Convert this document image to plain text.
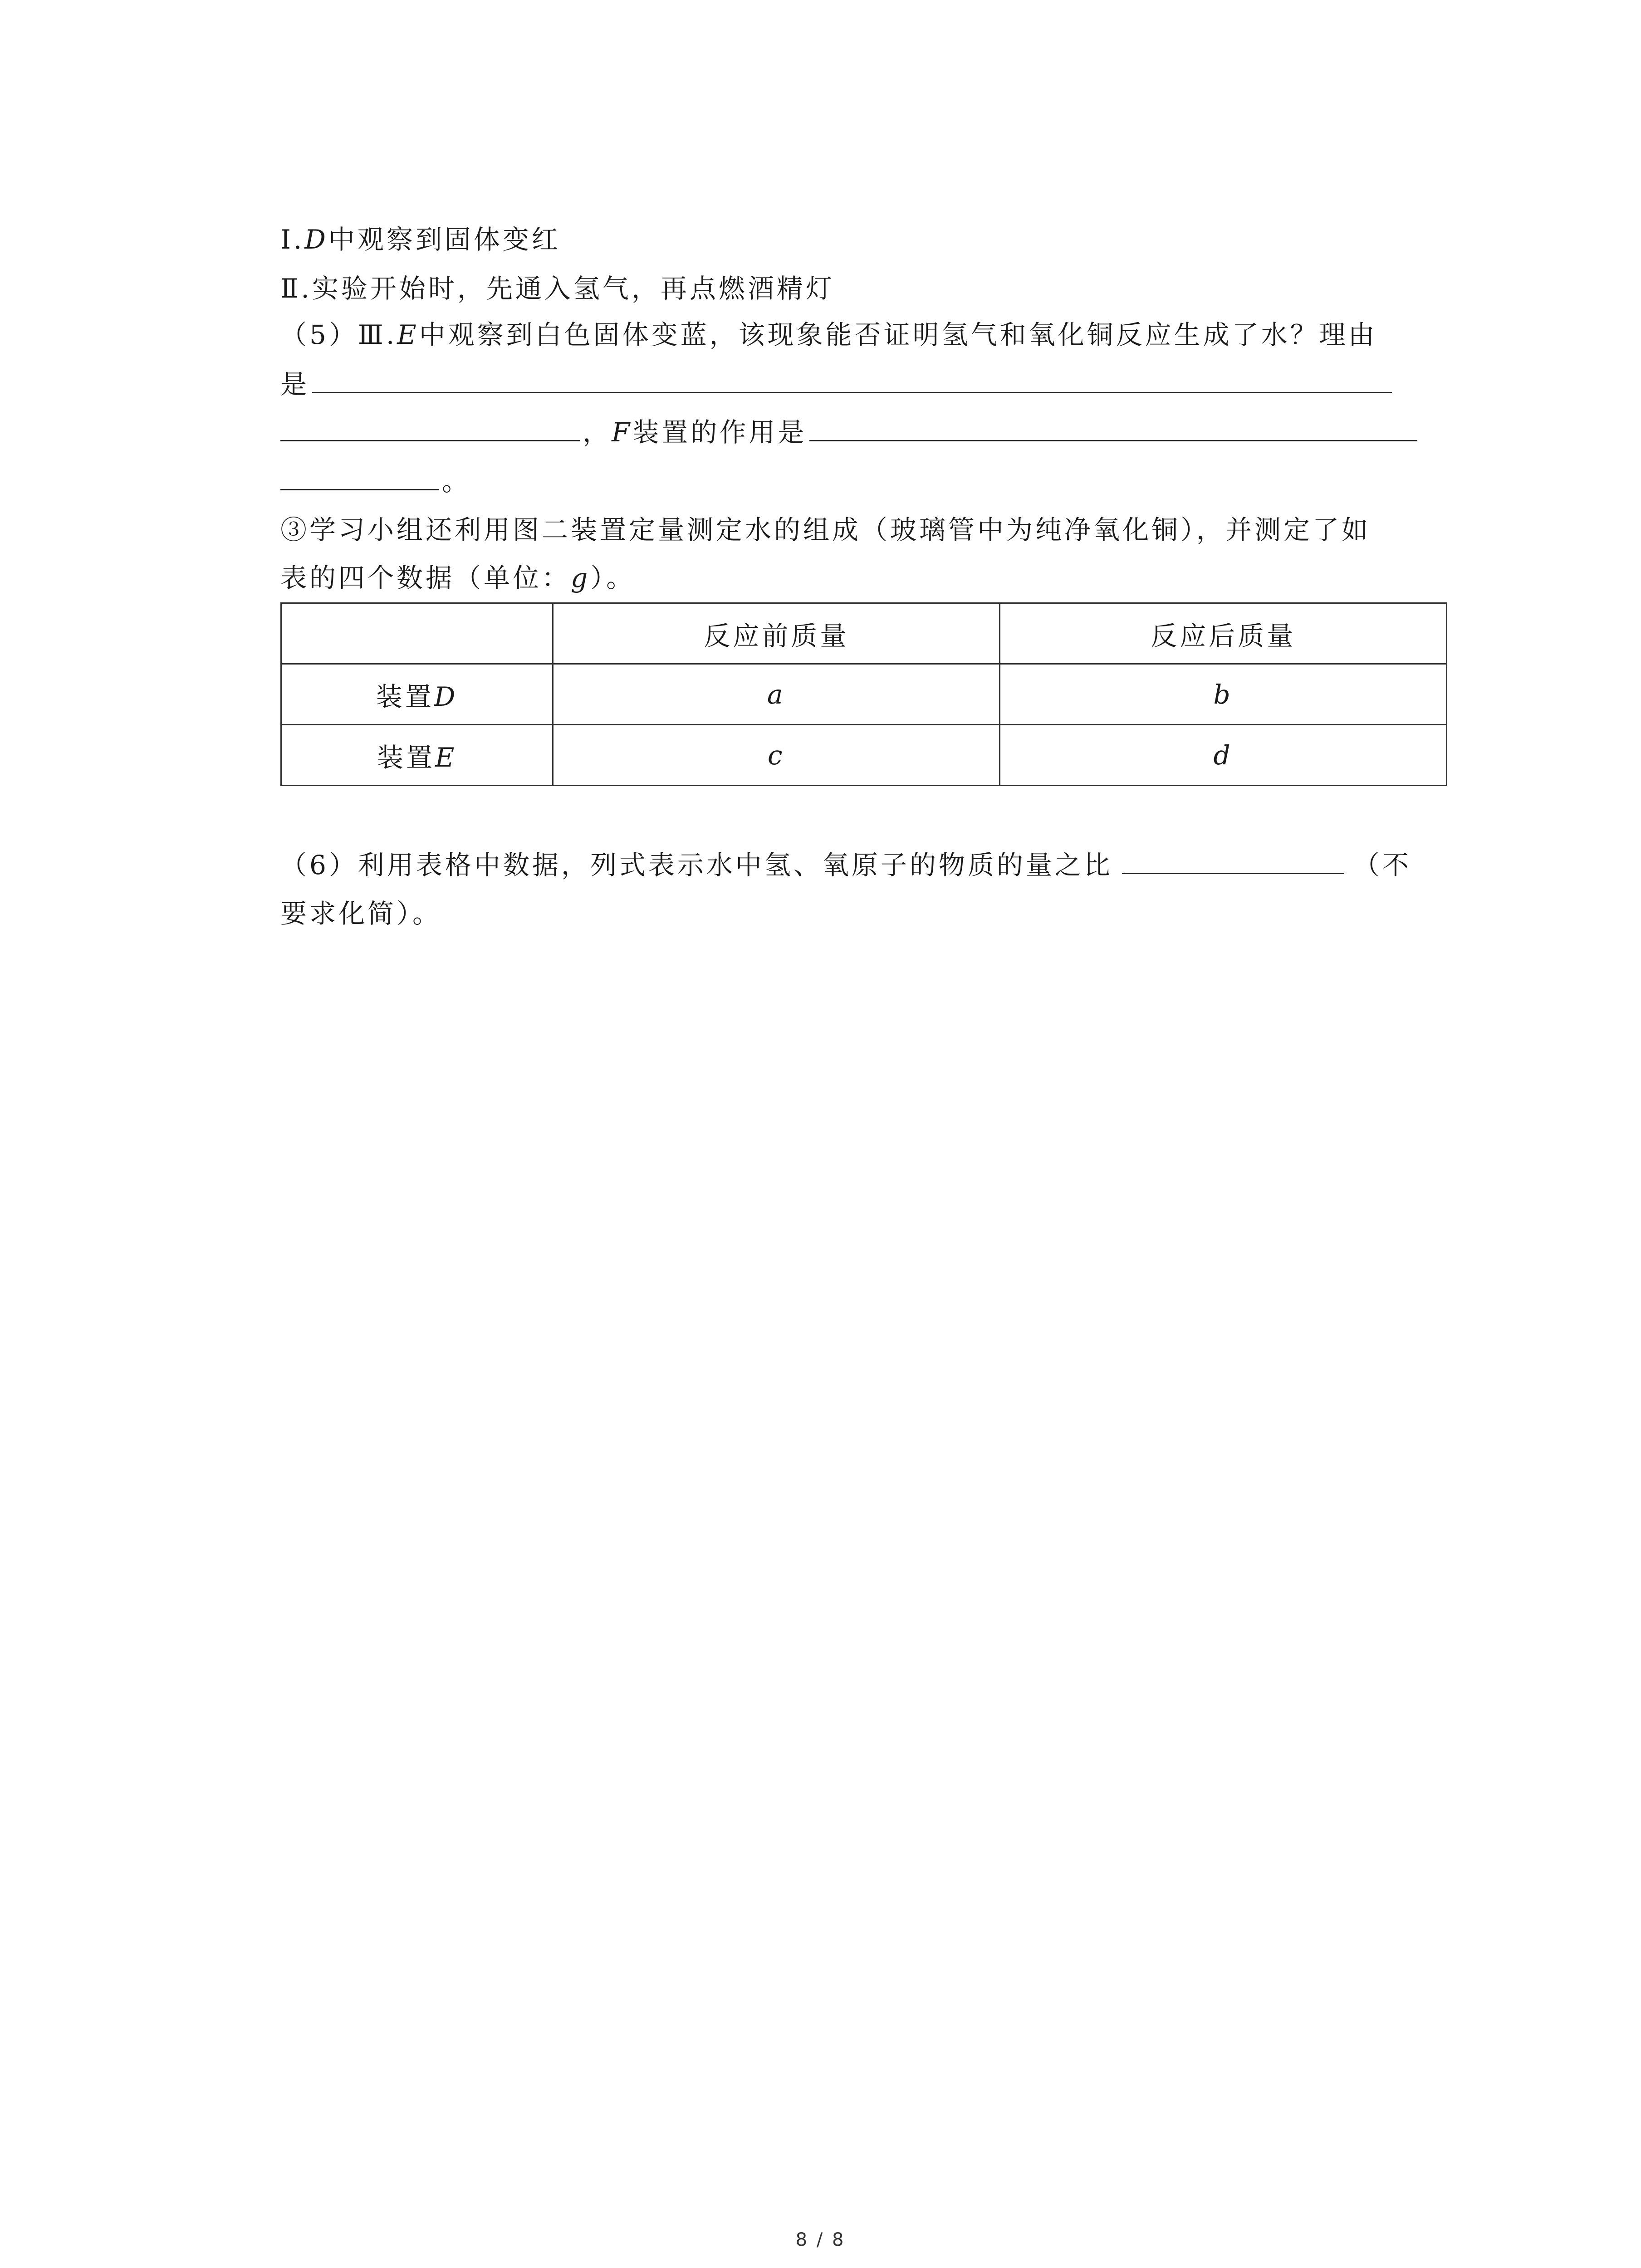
Ⅰ.D中观察到固体变红
Ⅱ.实验开始时，先通入氢气，再点燃酒精灯
（5）Ⅲ.E中观察到白色固体变蓝，该现象能否证明氢气和氧化铜反应生成了水？理由
是
，F装置的作用是
。
③学习小组还利用图二装置定量测定水的组成（玻璃管中为纯净氧化铜），并测定了如
表的四个数据（单位：g）。
	反应前质量	反应后质量
装置D	a	b
装置E	c	d
（6）利用表格中数据，列式表示水中氢、氧原子的物质的量之比	（不
要求化简）。
8 / 8
